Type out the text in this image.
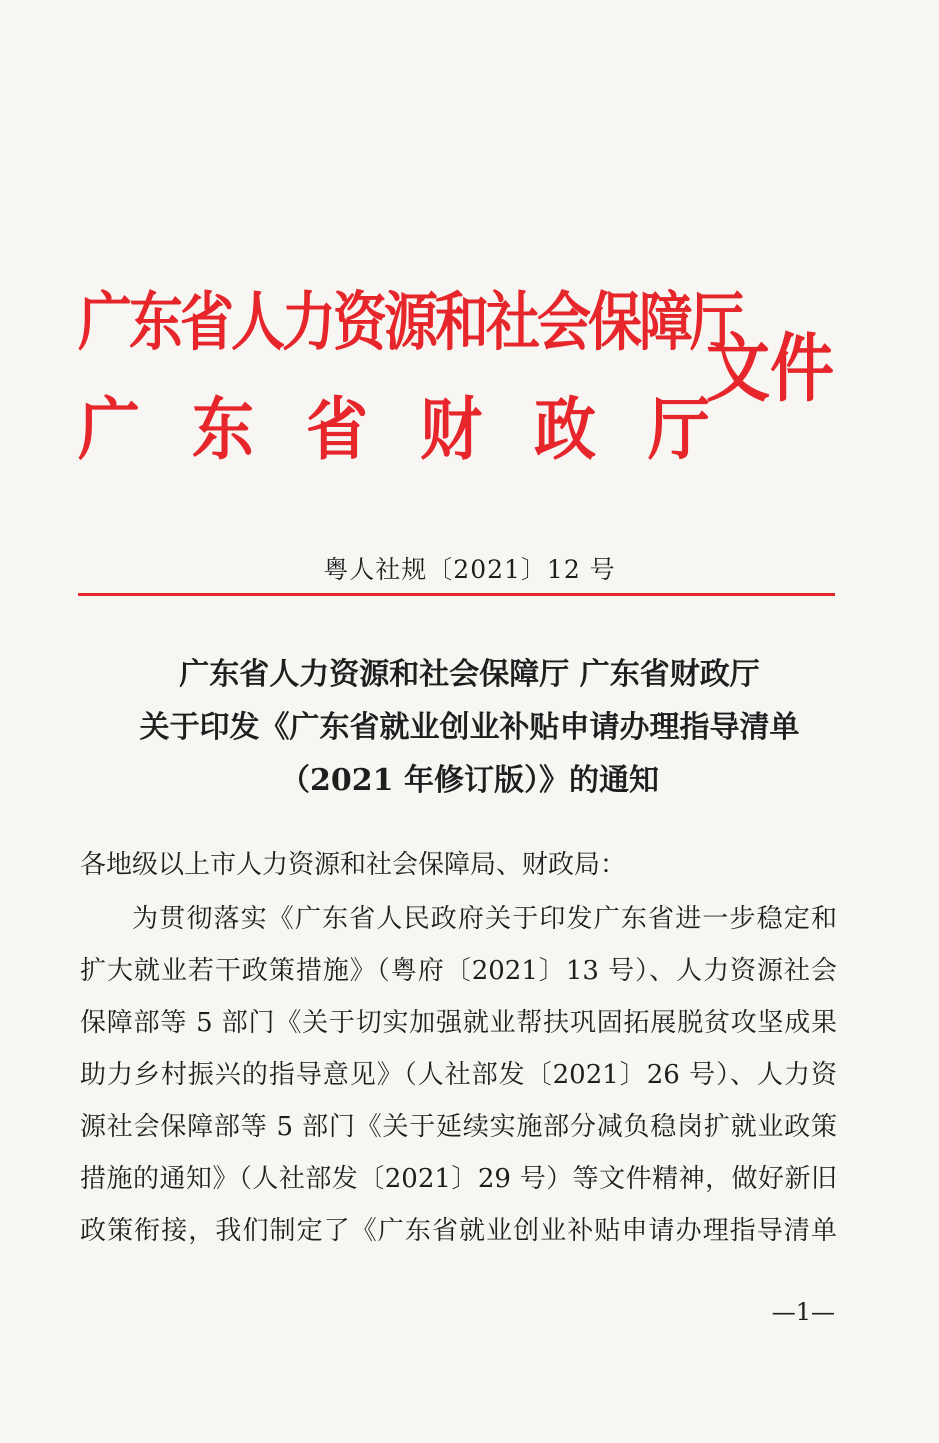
广东省人力资源和社会保障厅
广东省财政厅
文件
粤人社规〔2021〕12 号
广东省人力资源和社会保障厅 广东省财政厅
关于印发《广东省就业创业补贴申请办理指导清单
（2021 年修订版）》的通知
各地级以上市人力资源和社会保障局、财政局：
为贯彻落实《广东省人民政府关于印发广东省进一步稳定和
扩大就业若干政策措施》（粤府〔2021〕13 号）、人力资源社会
保障部等 5 部门《关于切实加强就业帮扶巩固拓展脱贫攻坚成果
助力乡村振兴的指导意见》（人社部发〔2021〕26 号）、人力资
源社会保障部等 5 部门《关于延续实施部分减负稳岗扩就业政策
措施的通知》（人社部发〔2021〕29 号）等文件精神，做好新旧
政策衔接，我们制定了《广东省就业创业补贴申请办理指导清单
—1—
